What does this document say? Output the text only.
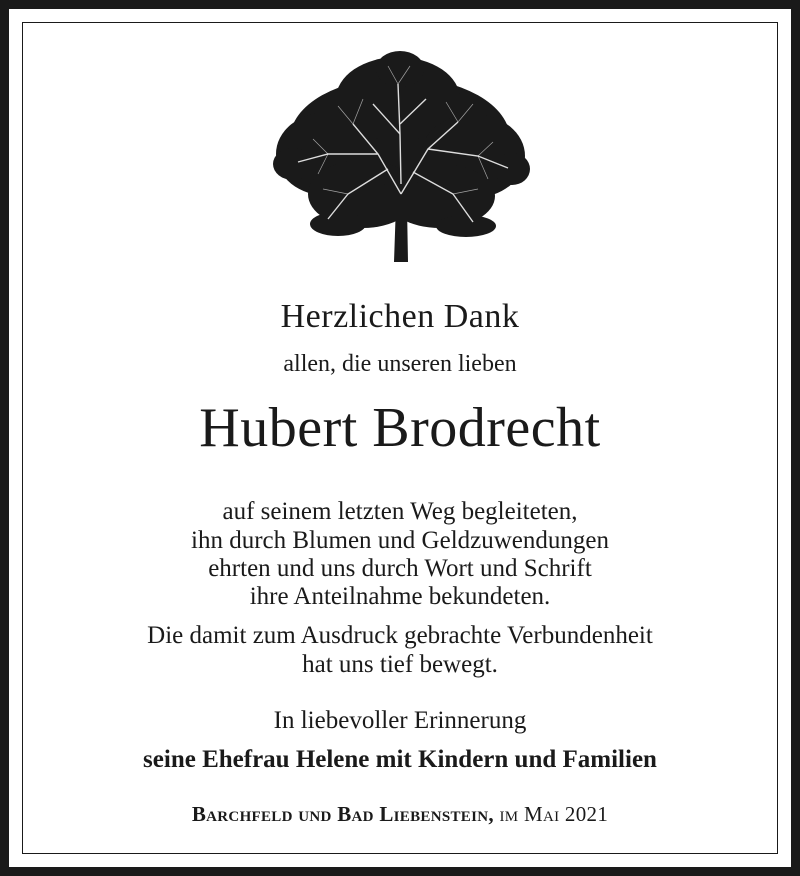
Herzlichen Dank
allen, die unseren lieben
Hubert Brodrecht
auf seinem letzten Weg begleiteten,
ihn durch Blumen und Geldzuwendungen
ehrten und uns durch Wort und Schrift
ihre Anteilnahme bekundeten.
Die damit zum Ausdruck gebrachte Verbundenheit
hat uns tief bewegt.
In liebevoller Erinnerung
seine Ehefrau Helene mit Kindern und Familien
Barchfeld und Bad Liebenstein, im Mai 2021
